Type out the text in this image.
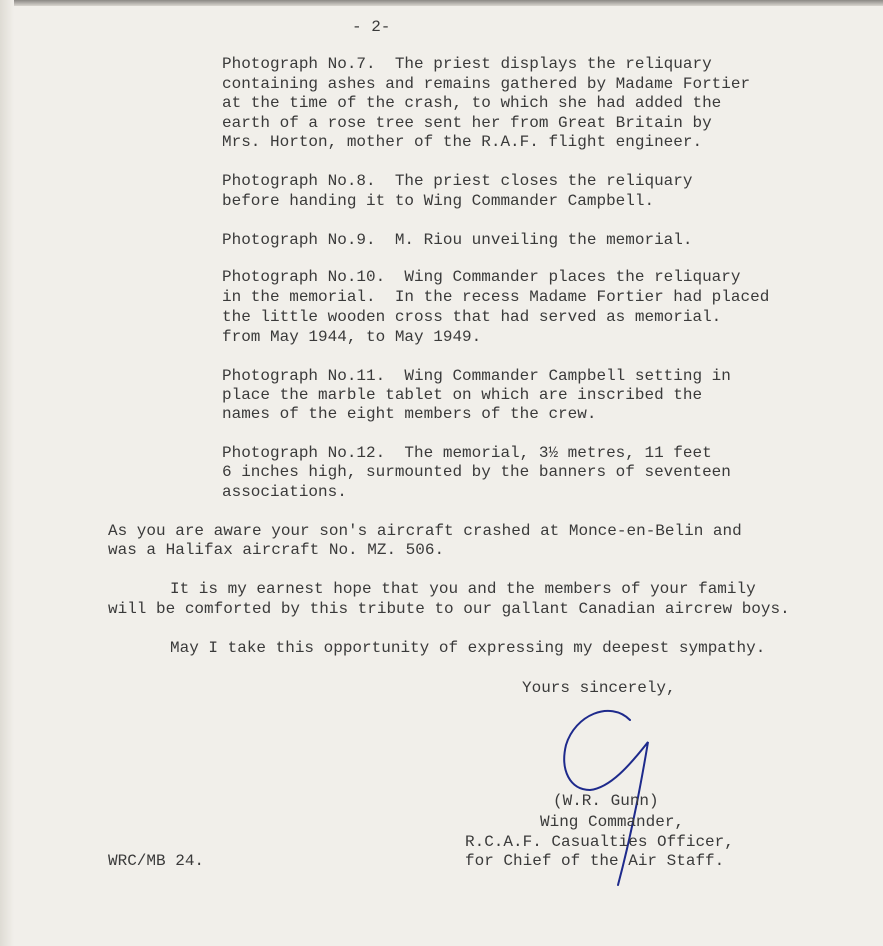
- 2-
Photograph No.7.  The priest displays the reliquary
containing ashes and remains gathered by Madame Fortier
at the time of the crash, to which she had added the
earth of a rose tree sent her from Great Britain by
Mrs. Horton, mother of the R.A.F. flight engineer.
Photograph No.8.  The priest closes the reliquary
before handing it to Wing Commander Campbell.
Photograph No.9.  M. Riou unveiling the memorial.
Photograph No.10.  Wing Commander places the reliquary
in the memorial.  In the recess Madame Fortier had placed
the little wooden cross that had served as memorial.
from May 1944, to May 1949.
Photograph No.11.  Wing Commander Campbell setting in
place the marble tablet on which are inscribed the
names of the eight members of the crew.
Photograph No.12.  The memorial, 3½ metres, 11 feet
6 inches high, surmounted by the banners of seventeen
associations.
As you are aware your son's aircraft crashed at Monce-en-Belin and
was a Halifax aircraft No. MZ. 506.
It is my earnest hope that you and the members of your family
will be comforted by this tribute to our gallant Canadian aircrew boys.
May I take this opportunity of expressing my deepest sympathy.
Yours sincerely,
(W.R. Gunn)
Wing Commander,
R.C.A.F. Casualties Officer,
for Chief of the Air Staff.
WRC/MB 24.
